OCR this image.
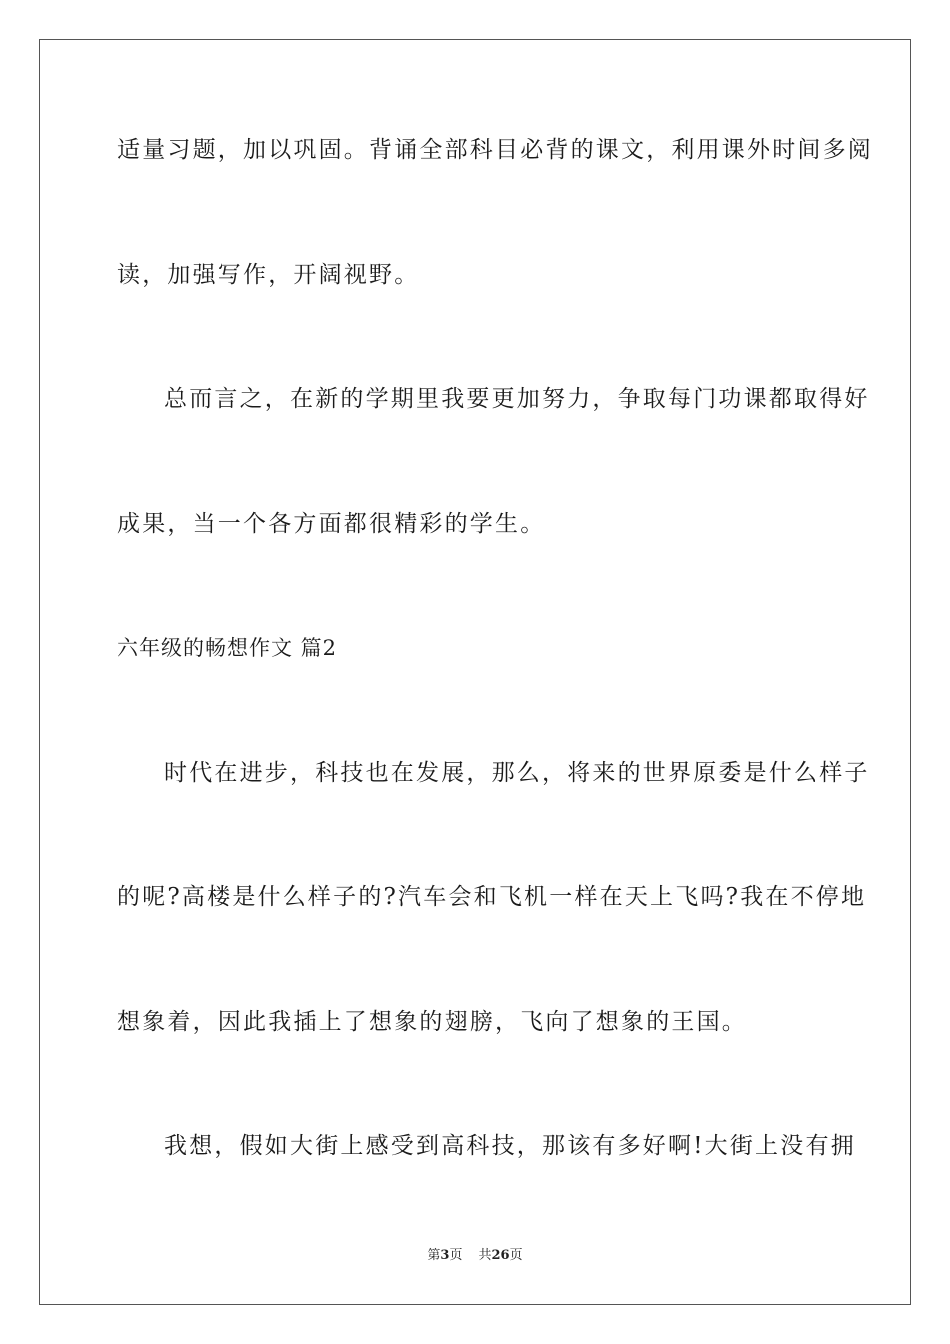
适量习题，加以巩固。背诵全部科目必背的课文，利用课外时间多阅
读，加强写作，开阔视野。
总而言之，在新的学期里我要更加努力，争取每门功课都取得好
成果，当一个各方面都很精彩的学生。
六年级的畅想作文 篇2
时代在进步，科技也在发展，那么，将来的世界原委是什么样子
的呢?高楼是什么样子的?汽车会和飞机一样在天上飞吗?我在不停地
想象着，因此我插上了想象的翅膀，飞向了想象的王国。
我想，假如大街上感受到高科技，那该有多好啊!大街上没有拥
第3页 共26页
